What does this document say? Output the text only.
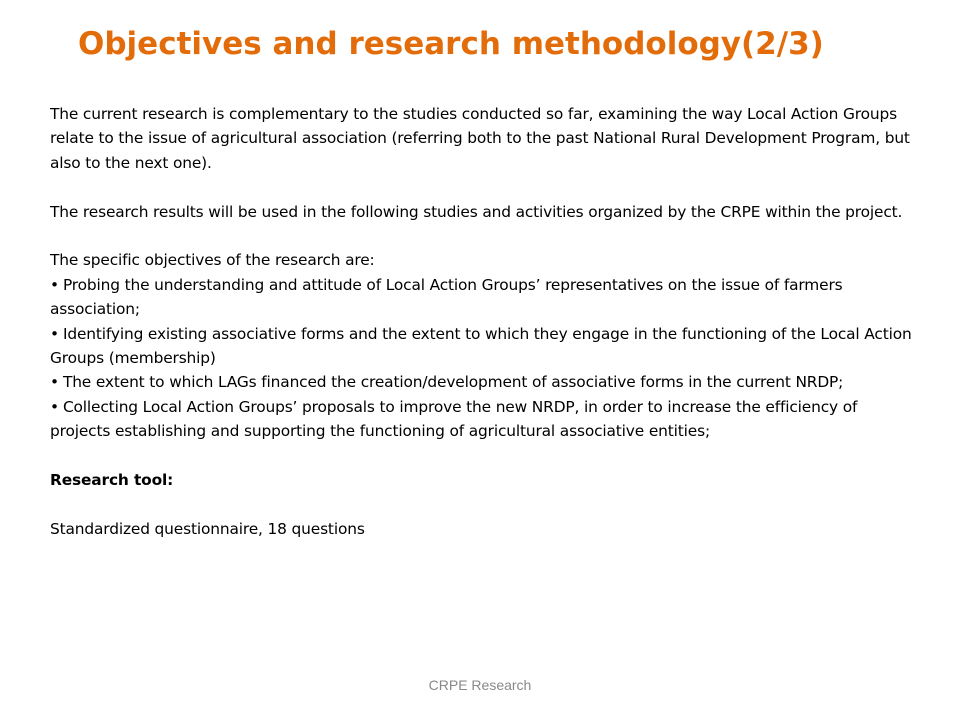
Objectives and research methodology(2/3)

The current research is complementary to the studies conducted so far, examining the way Local Action Groups relate to the issue of agricultural association (referring both to the past National Rural Development Program, but also to the next one).

The research results will be used in the following studies and activities organized by the CRPE within the project.

The specific objectives of the research are:

• Probing the understanding and attitude of Local Action Groups’ representatives on the issue of farmers association;
• Identifying existing associative forms and the extent to which they engage in the functioning of the Local Action Groups (membership)
• The extent to which LAGs financed the creation/development of associative forms in the current NRDP;
• Collecting Local Action Groups’ proposals to improve the new NRDP, in order to increase the efficiency of projects establishing and supporting the functioning of agricultural associative entities;

Research tool:

Standardized questionnaire, 18 questions

CRPE Research
